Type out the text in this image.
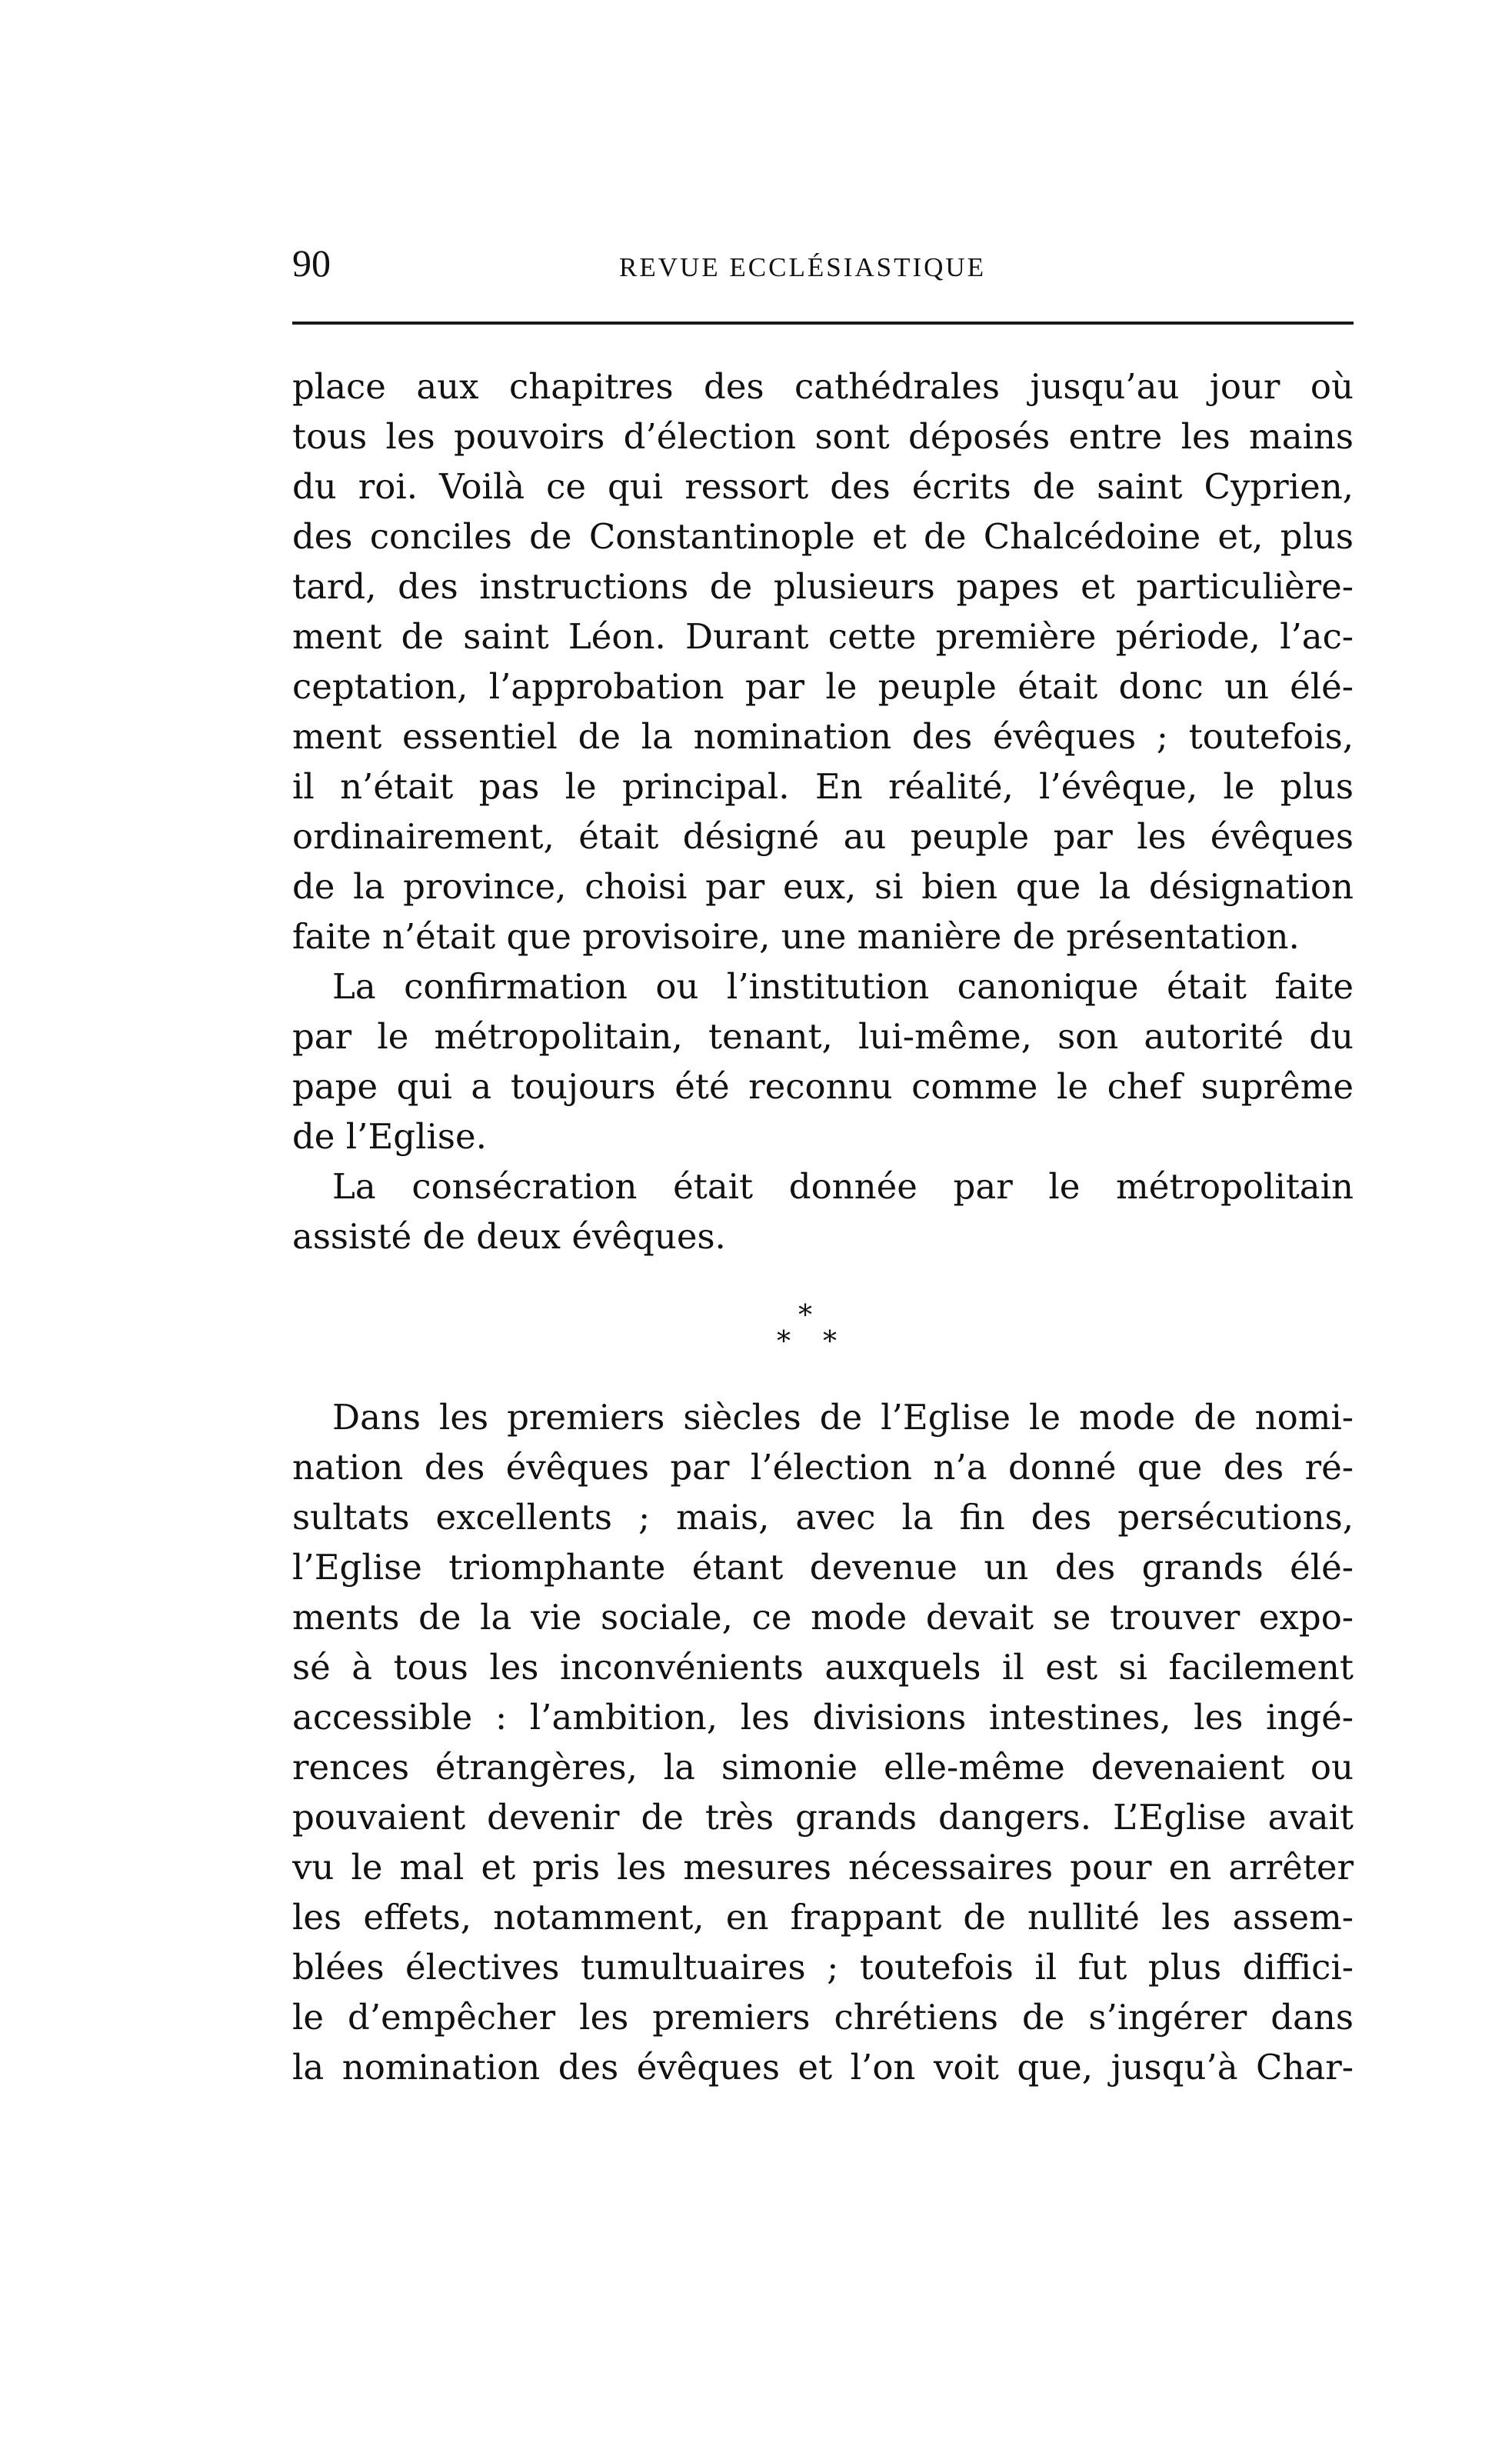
90	REVUE ECCLÉSIASTIQUE
place aux chapitres des cathédrales jusqu’au jour où
tous les pouvoirs d’élection sont déposés entre les mains
du roi. Voilà ce qui ressort des écrits de saint Cyprien,
des conciles de Constantinople et de Chalcédoine et, plus
tard, des instructions de plusieurs papes et particulière-
ment de saint Léon. Durant cette première période, l’ac-
ceptation, l’approbation par le peuple était donc un élé-
ment essentiel de la nomination des évêques ; toutefois,
il n’était pas le principal. En réalité, l’évêque, le plus
ordinairement, était désigné au peuple par les évêques
de la province, choisi par eux, si bien que la désignation
faite n’était que provisoire, une manière de présentation.
La confirmation ou l’institution canonique était faite
par le métropolitain, tenant, lui-même, son autorité du
pape qui a toujours été reconnu comme le chef suprême
de l’Eglise.
La consécration était donnée par le métropolitain
assisté de deux évêques.
Dans les premiers siècles de l’Eglise le mode de nomi-
nation des évêques par l’élection n’a donné que des ré-
sultats excellents ; mais, avec la fin des persécutions,
l’Eglise triomphante étant devenue un des grands élé-
ments de la vie sociale, ce mode devait se trouver expo-
sé à tous les inconvénients auxquels il est si facilement
accessible : l’ambition, les divisions intestines, les ingé-
rences étrangères, la simonie elle-même devenaient ou
pouvaient devenir de très grands dangers. L’Eglise avait
vu le mal et pris les mesures nécessaires pour en arrêter
les effets, notamment, en frappant de nullité les assem-
blées électives tumultuaires ; toutefois il fut plus diffici-
le d’empêcher les premiers chrétiens de s’ingérer dans
la nomination des évêques et l’on voit que, jusqu’à Char-
*
* *
